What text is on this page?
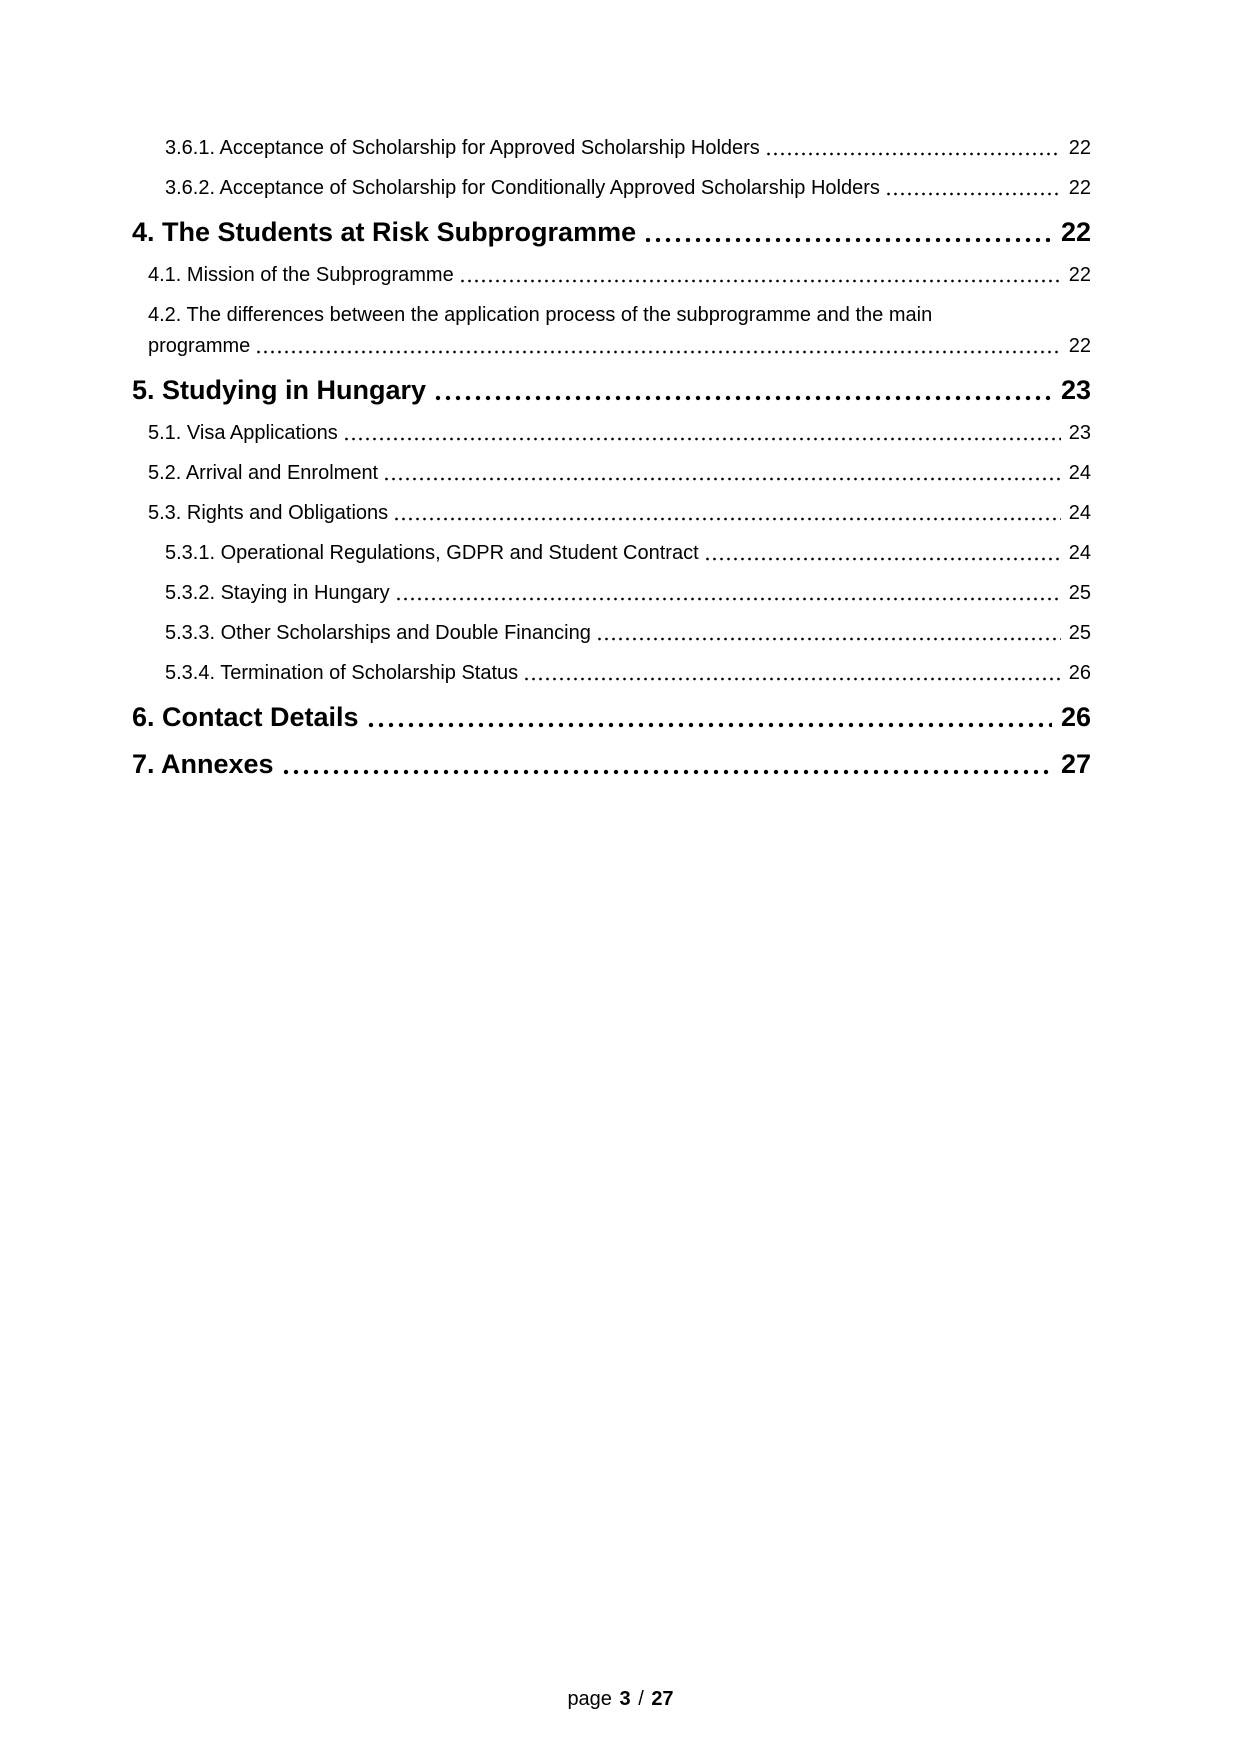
3.6.1. Acceptance of Scholarship for Approved Scholarship Holders	22
3.6.2. Acceptance of Scholarship for Conditionally Approved Scholarship Holders	22
4. The Students at Risk Subprogramme	22
4.1. Mission of the Subprogramme	22
4.2. The differences between the application process of the subprogramme and the main
programme	22
5. Studying in Hungary	23
5.1. Visa Applications	23
5.2. Arrival and Enrolment	24
5.3. Rights and Obligations	24
5.3.1. Operational Regulations, GDPR and Student Contract	24
5.3.2. Staying in Hungary	25
5.3.3. Other Scholarships and Double Financing	25
5.3.4. Termination of Scholarship Status	26
6. Contact Details	26
7. Annexes	27
page 3 / 27
